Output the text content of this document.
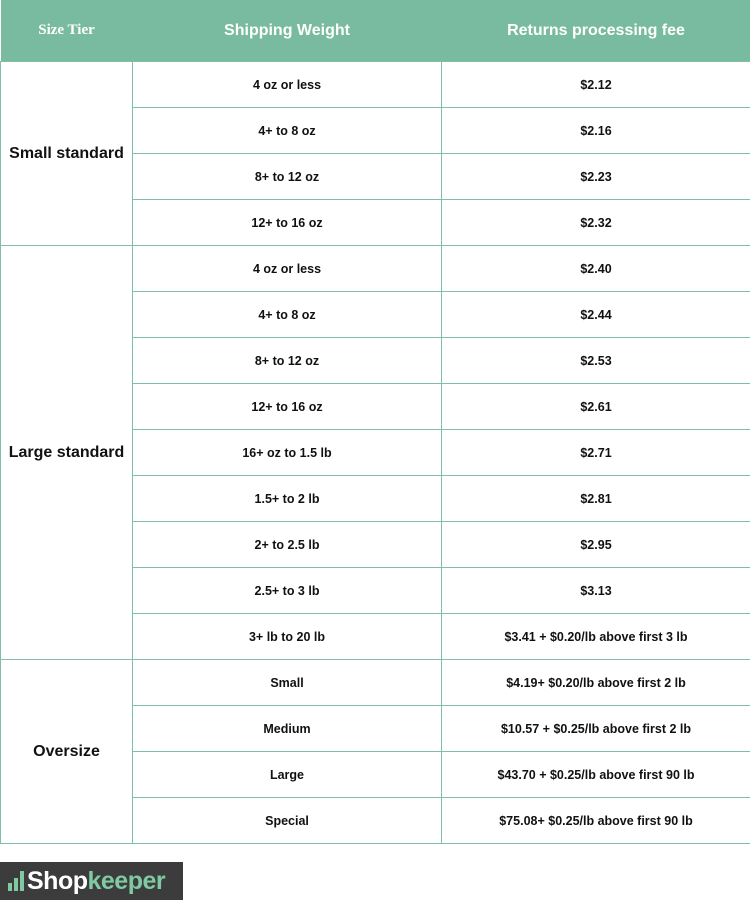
Size Tier	Shipping Weight	Returns processing fee
Small standard	4 oz or less	$2.12
	4+ to 8 oz	$2.16
	8+ to 12 oz	$2.23
	12+ to 16 oz	$2.32
Large standard	4 oz or less	$2.40
	4+ to 8 oz	$2.44
	8+ to 12 oz	$2.53
	12+ to 16 oz	$2.61
	16+ oz to 1.5 lb	$2.71
	1.5+ to 2 lb	$2.81
	2+ to 2.5 lb	$2.95
	2.5+ to 3 lb	$3.13
	3+ lb to 20 lb	$3.41 + $0.20/lb above first 3 lb
Oversize	Small	$4.19+ $0.20/lb above first 2 lb
	Medium	$10.57 + $0.25/lb above first 2 lb
	Large	$43.70 + $0.25/lb above first 90 lb
	Special	$75.08+ $0.25/lb above first 90 lb
Shopkeeper
